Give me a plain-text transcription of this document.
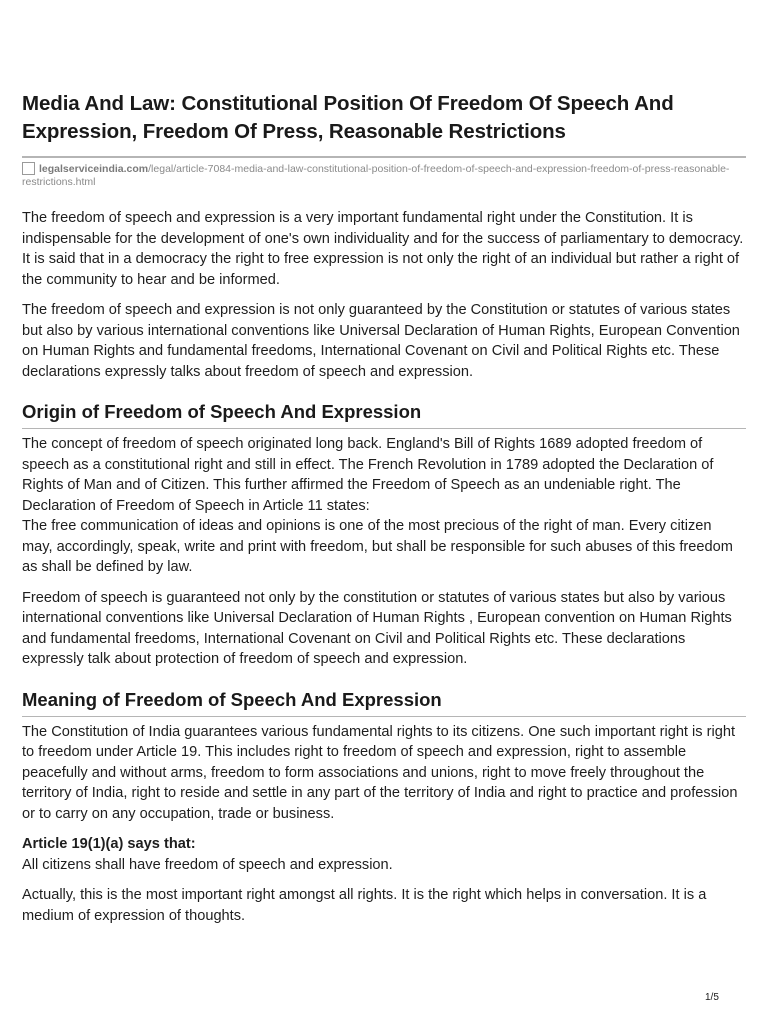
Media And Law: Constitutional Position Of Freedom Of Speech And Expression, Freedom Of Press, Reasonable Restrictions
legalserviceindia.com/legal/article-7084-media-and-law-constitutional-position-of-freedom-of-speech-and-expression-freedom-of-press-reasonable-restrictions.html

The freedom of speech and expression is a very important fundamental right under the Constitution. It is indispensable for the development of one's own individuality and for the success of parliamentary to democracy. It is said that in a democracy the right to free expression is not only the right of an individual but rather a right of the community to hear and be informed.

The freedom of speech and expression is not only guaranteed by the Constitution or statutes of various states but also by various international conventions like Universal Declaration of Human Rights, European Convention on Human Rights and fundamental freedoms, International Covenant on Civil and Political Rights etc. These declarations expressly talks about freedom of speech and expression.

Origin of Freedom of Speech And Expression

The concept of freedom of speech originated long back. England's Bill of Rights 1689 adopted freedom of speech as a constitutional right and still in effect. The French Revolution in 1789 adopted the Declaration of Rights of Man and of Citizen. This further affirmed the Freedom of Speech as an undeniable right. The Declaration of Freedom of Speech in Article 11 states:

The free communication of ideas and opinions is one of the most precious of the right of man. Every citizen may, accordingly, speak, write and print with freedom, but shall be responsible for such abuses of this freedom as shall be defined by law.

Freedom of speech is guaranteed not only by the constitution or statutes of various states but also by various international conventions like Universal Declaration of Human Rights , European convention on Human Rights and fundamental freedoms, International Covenant on Civil and Political Rights etc. These declarations expressly talk about protection of freedom of speech and expression.

Meaning of Freedom of Speech And Expression

The Constitution of India guarantees various fundamental rights to its citizens. One such important right is right to freedom under Article 19. This includes right to freedom of speech and expression, right to assemble peacefully and without arms, freedom to form associations and unions, right to move freely throughout the territory of India, right to reside and settle in any part of the territory of India and right to practice and profession or to carry on any occupation, trade or business.

Article 19(1)(a) says that:

All citizens shall have freedom of speech and expression.

Actually, this is the most important right amongst all rights. It is the right which helps in conversation. It is a medium of expression of thoughts.

1/5
